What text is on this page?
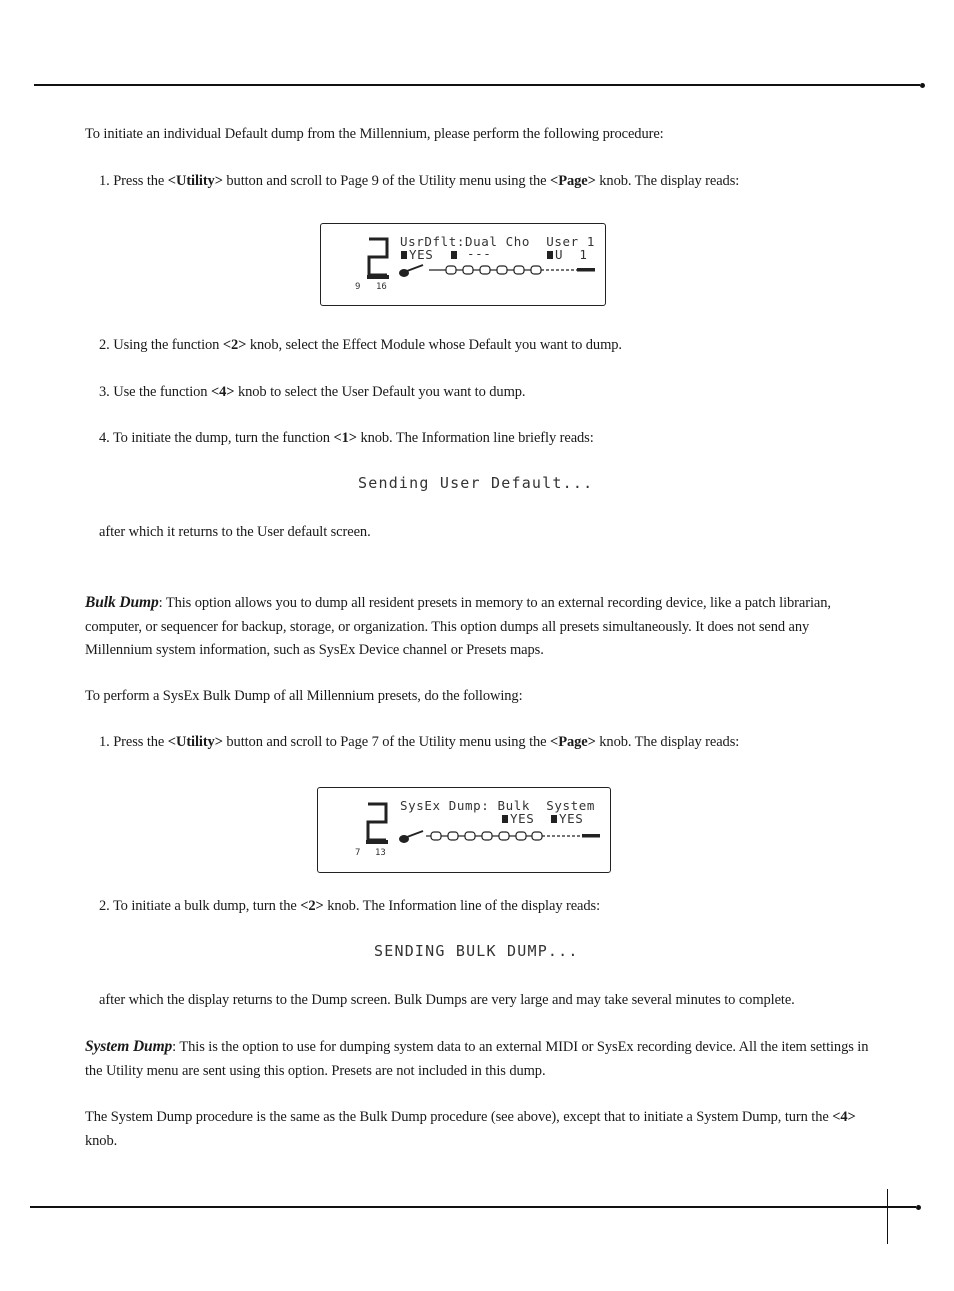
To initiate an individual Default dump from the Millennium, please perform the following procedure:

1. Press the <Utility> button and scroll to Page 9 of the Utility menu using the <Page> knob. The display reads:

UsrDflt:Dual Cho  User 1
YES	---	U  1
9 16

2. Using the function <2> knob, select the Effect Module whose Default you want to dump.

3. Use the function <4> knob to select the User Default you want to dump.

4. To initiate the dump, turn the function <1> knob. The Information line briefly reads:

Sending User Default...

after which it returns to the User default screen.

Bulk Dump: This option allows you to dump all resident presets in memory to an external recording device, like a patch librarian, computer, or sequencer for backup, storage, or organization. This option dumps all presets simultaneously. It does not send any Millennium system information, such as SysEx Device channel or Presets maps.

To perform a SysEx Bulk Dump of all Millennium presets, do the following:

1. Press the <Utility> button and scroll to Page 7 of the Utility menu using the <Page> knob. The display reads:

SysEx Dump: Bulk  System
YES YES
7 13

2. To initiate a bulk dump, turn the <2> knob. The Information line of the display reads:

SENDING BULK DUMP...

after which the display returns to the Dump screen. Bulk Dumps are very large and may take several minutes to complete.

System Dump: This is the option to use for dumping system data to an external MIDI or SysEx recording device. All the item settings in the Utility menu are sent using this option. Presets are not included in this dump.

The System Dump procedure is the same as the Bulk Dump procedure (see above), except that to initiate a System Dump, turn the <4> knob.
